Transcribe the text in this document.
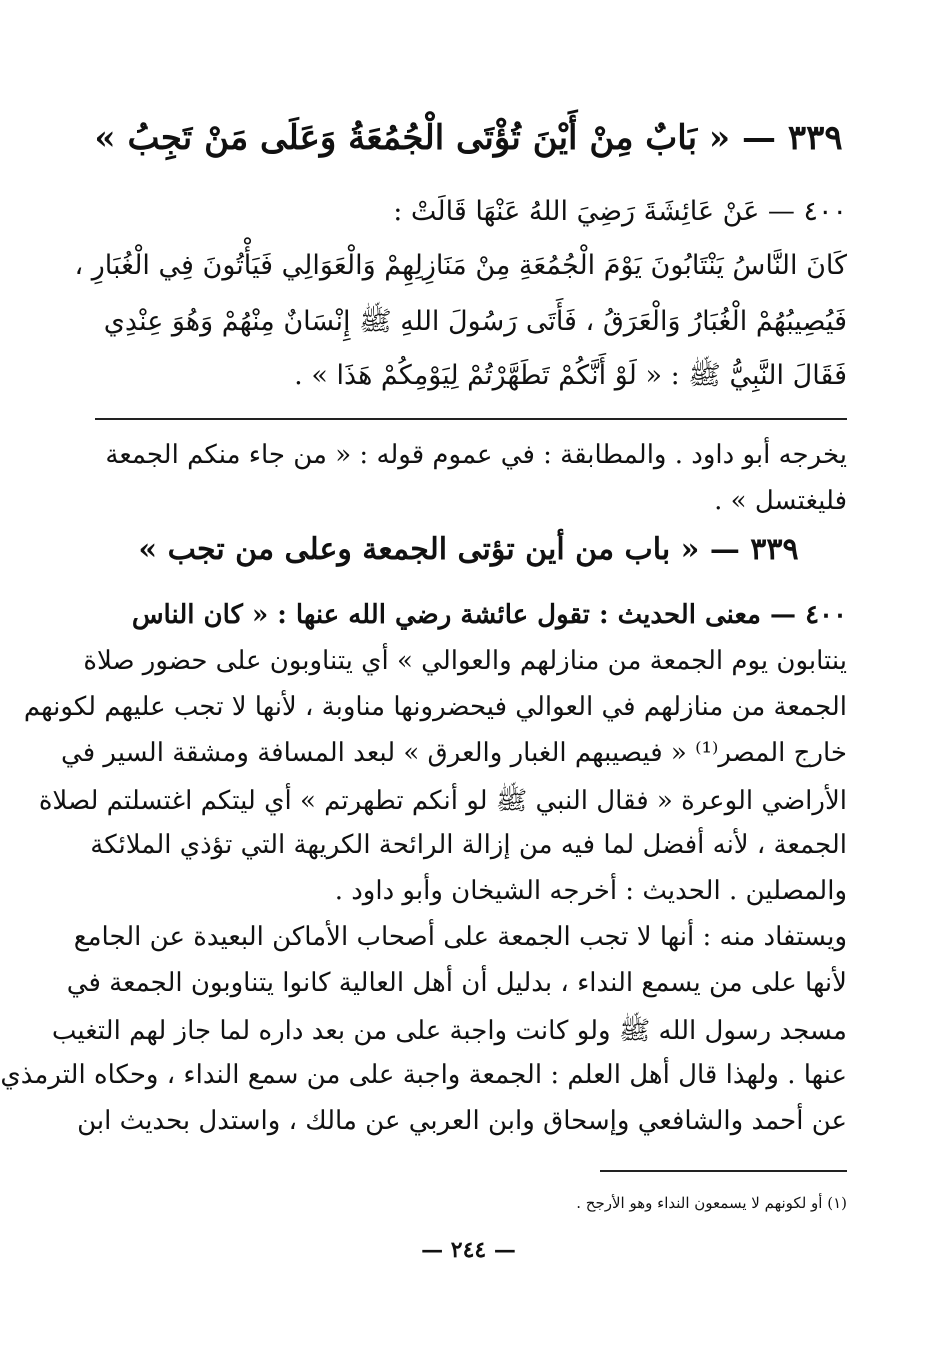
٣٣٩ — « بَابٌ مِنْ أَيْنَ تُؤْتَى الْجُمُعَةُ وَعَلَى مَنْ تَجِبُ »
٤٠٠ — عَنْ عَائِشَةَ رَضِيَ اللهُ عَنْهَا قَالَتْ :
كَانَ النَّاسُ يَنْتَابُونَ يَوْمَ الْجُمُعَةِ مِنْ مَنَازِلِهِمْ وَالْعَوَالِي فَيَأْتُونَ فِي الْغُبَارِ ،
فَيُصِيبُهُمْ الْغُبَارُ وَالْعَرَقُ ، فَأَتَى رَسُولَ اللهِ ﷺ إِنْسَانٌ مِنْهُمْ وَهُوَ عِنْدِي
فَقَالَ النَّبِيُّ ﷺ : « لَوْ أَنَّكُمْ تَطَهَّرْتُمْ لِيَوْمِكُمْ هَذَا » .
يخرجه أبو داود . والمطابقة : في عموم قوله : « من جاء منكم الجمعة
فليغتسل » .
٣٣٩ — « باب من أين تؤتى الجمعة وعلى من تجب »
٤٠٠ — معنى الحديث : تقول عائشة رضي الله عنها : « كان الناس
ينتابون يوم الجمعة من منازلهم والعوالي » أي يتناوبون على حضور صلاة
الجمعة من منازلهم في العوالي فيحضرونها مناوبة ، لأنها لا تجب عليهم لكونهم
خارج المصر⁽¹⁾ « فيصيبهم الغبار والعرق » لبعد المسافة ومشقة السير في
الأراضي الوعرة « فقال النبي ﷺ لو أنكم تطهرتم » أي ليتكم اغتسلتم لصلاة
الجمعة ، لأنه أفضل لما فيه من إزالة الرائحة الكريهة التي تؤذي الملائكة
والمصلين . الحديث : أخرجه الشيخان وأبو داود .
ويستفاد منه : أنها لا تجب الجمعة على أصحاب الأماكن البعيدة عن الجامع
لأنها على من يسمع النداء ، بدليل أن أهل العالية كانوا يتناوبون الجمعة في
مسجد رسول الله ﷺ ولو كانت واجبة على من بعد داره لما جاز لهم التغيب
عنها . ولهذا قال أهل العلم : الجمعة واجبة على من سمع النداء ، وحكاه الترمذي
عن أحمد والشافعي وإسحاق وابن العربي عن مالك ، واستدل بحديث ابن
(١) أو لكونهم لا يسمعون النداء وهو الأرجح .
— ٢٤٤ —
